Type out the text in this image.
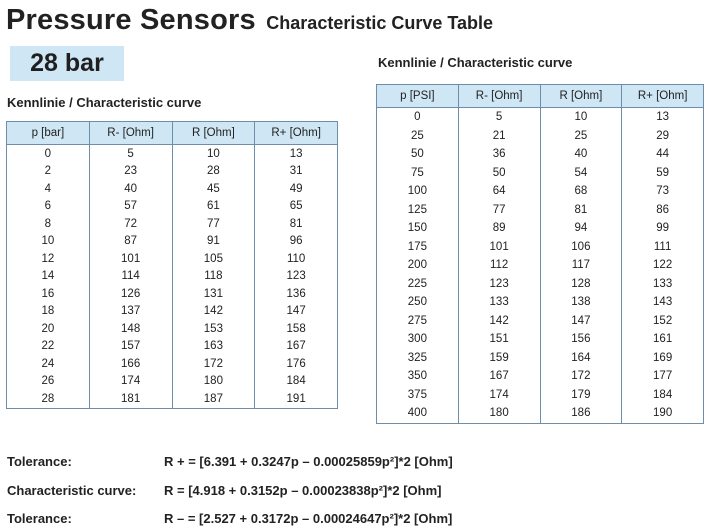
Pressure Sensors Characteristic Curve Table
28 bar
Kennlinie / Characteristic curve
Kennlinie / Characteristic curve
p [bar]	R- [Ohm]	R [Ohm]	R+ [Ohm]
0	5	10	13
2	23	28	31
4	40	45	49
6	57	61	65
8	72	77	81
10	87	91	96
12	101	105	110
14	114	118	123
16	126	131	136
18	137	142	147
20	148	153	158
22	157	163	167
24	166	172	176
26	174	180	184
28	181	187	191
p [PSI]	R- [Ohm]	R [Ohm]	R+ [Ohm]
0	5	10	13
25	21	25	29
50	36	40	44
75	50	54	59
100	64	68	73
125	77	81	86
150	89	94	99
175	101	106	111
200	112	117	122
225	123	128	133
250	133	138	143
275	142	147	152
300	151	156	161
325	159	164	169
350	167	172	177
375	174	179	184
400	180	186	190
Tolerance:	R + = [6.391 + 0.3247p – 0.00025859p²]*2 [Ohm]
Characteristic curve: R = [4.918 + 0.3152p – 0.00023838p²]*2 [Ohm]
Tolerance:	R – = [2.527 + 0.3172p – 0.00024647p²]*2 [Ohm]
